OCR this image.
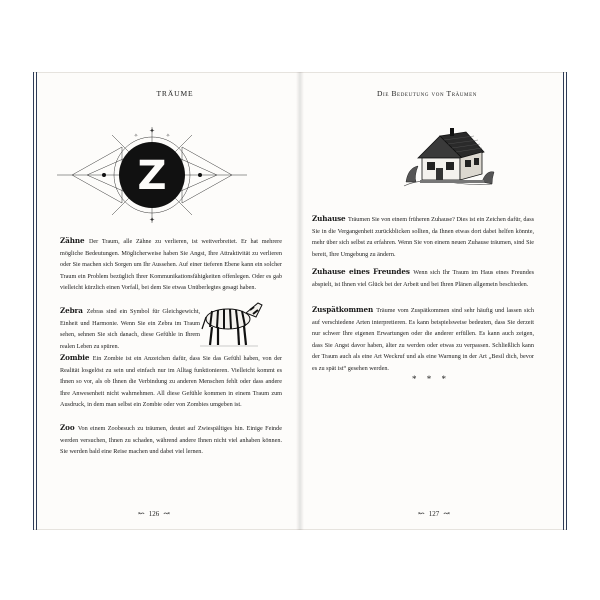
TRÄUME	Die Bedeutung von Träumen
✦
✦
✧	✧
Z
Zähne Der Traum, alle Zähne zu verlieren, ist weitverbreitet. Er hat mehrere mögliche Bedeutungen. Möglicherweise haben Sie Angst, Ihre Attraktivität zu verlieren oder Sie machen sich Sorgen um Ihr Aussehen. Auf einer tieferen Ebene kann ein solcher Traum ein Problem bezüglich Ihrer Kommunikationsfähigkeiten offenlegen. Oder es gab vielleicht kürzlich einen Vorfall, bei dem Sie etwas Unüberlegtes gesagt haben.
Zebra Zebras sind ein Symbol für Gleichgewicht, Einheit und Harmonie. Wenn Sie ein Zebra im Traum sehen, sehnen Sie sich danach, diese Gefühle in Ihrem realen Leben zu spüren.
Zombie Ein Zombie ist ein Anzeichen dafür, dass Sie das Gefühl haben, von der Realität losgelöst zu sein und einfach nur im Alltag funktionieren. Vielleicht kommt es Ihnen so vor, als ob Ihnen die Verbindung zu anderen Menschen fehlt oder dass andere Ihre Anwesenheit nicht wahrnehmen. All diese Gefühle kommen in einem Traum zum Ausdruck, in dem man selbst ein Zombie oder von Zombies umgeben ist.
Zoo Von einem Zoobesuch zu träumen, deutet auf Zwiespältiges hin. Einige Feinde werden versuchen, Ihnen zu schaden, während andere Ihnen nicht viel anhaben können. Sie werden bald eine Reise machen und dabei viel lernen.
Zuhause Träumen Sie von einem früheren Zuhause? Dies ist ein Zeichen dafür, dass Sie in die Vergangenheit zurückblicken sollten, da Ihnen etwas dort dabei helfen könnte, mehr über sich selbst zu erfahren. Wenn Sie von einem neuen Zuhause träumen, sind Sie bereit, Ihre Umgebung zu ändern.
Zuhause eines Freundes Wenn sich Ihr Traum im Haus eines Freundes abspielt, ist Ihnen viel Glück bei der Arbeit und bei Ihren Plänen allgemein beschieden.
Zuspätkommen Träume vom Zuspätkommen sind sehr häufig und lassen sich auf verschiedene Arten interpretieren. Es kann beispielsweise bedeuten, dass Sie derzeit nur schwer Ihre eigenen Erwartungen oder die anderer erfüllen. Es kann auch zeigen, dass Sie Angst davor haben, älter zu werden oder etwas zu verpassen. Schließlich kann der Traum auch als eine Art Weckruf und als eine Warnung in der Art „Besil dich, bevor es zu spät ist“ gesehen werden.
* * *
↜ 126 ↝	↜ 127 ↝
